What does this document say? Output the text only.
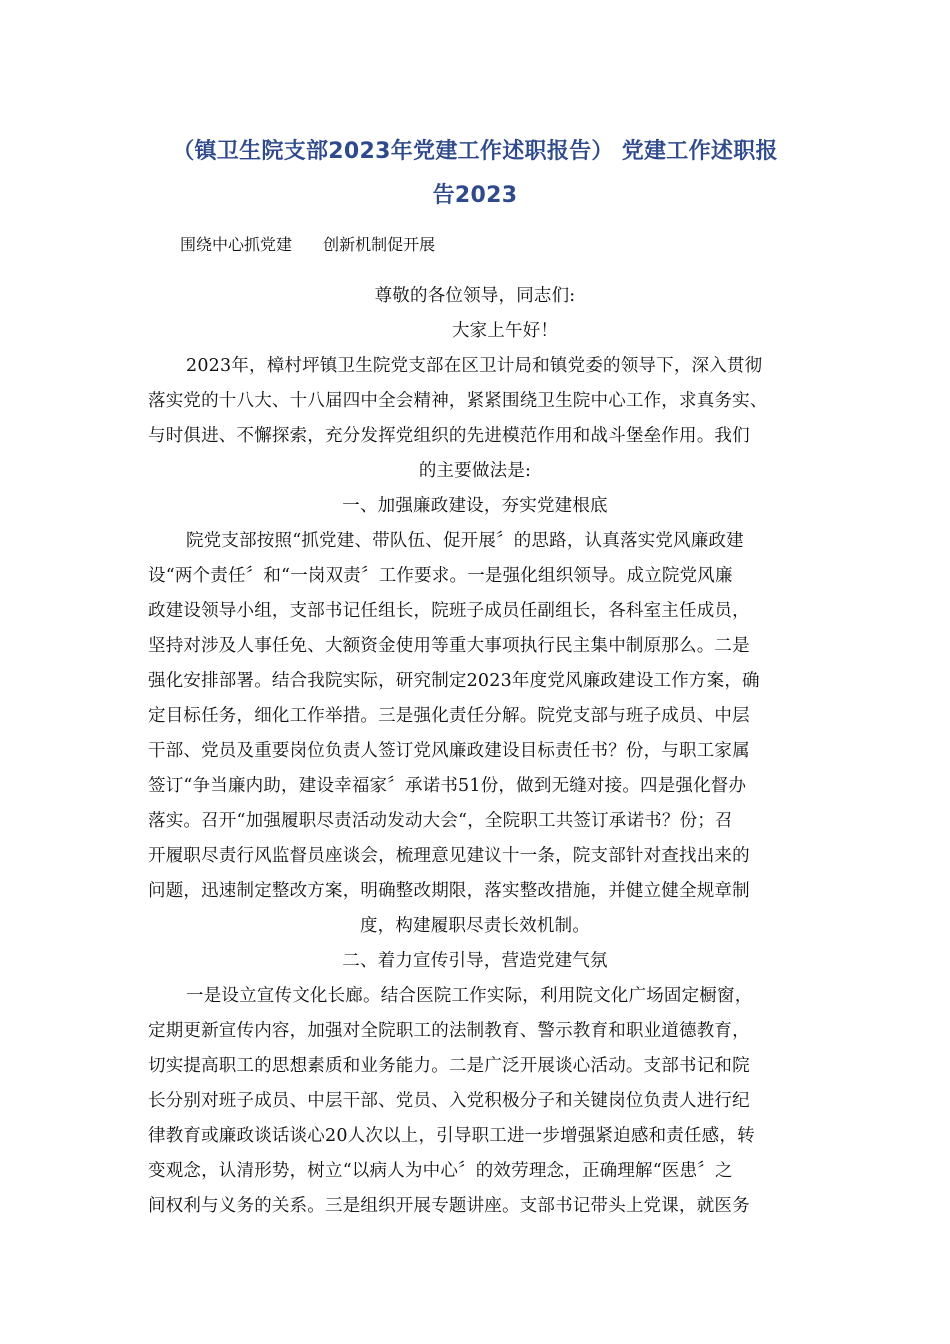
（镇卫生院支部2023年党建工作述职报告） 党建工作述职报
告2023
围绕中心抓党建 创新机制促开展
尊敬的各位领导，同志们:
大家上午好！
2023年，樟村坪镇卫生院党支部在区卫计局和镇党委的领导下，深入贯彻
落实党的十八大、十八届四中全会精神，紧紧围绕卫生院中心工作，求真务实、
与时俱进、不懈探索，充分发挥党组织的先进模范作用和战斗堡垒作用。我们
的主要做法是:
一、加强廉政建设，夯实党建根底
院党支部按照“抓党建、带队伍、促开展〞的思路，认真落实党风廉政建
设“两个责任〞和“一岗双责〞工作要求。一是强化组织领导。成立院党风廉
政建设领导小组，支部书记任组长，院班子成员任副组长，各科室主任成员，
坚持对涉及人事任免、大额资金使用等重大事项执行民主集中制原那么。二是
强化安排部署。结合我院实际，研究制定2023年度党风廉政建设工作方案，确
定目标任务，细化工作举措。三是强化责任分解。院党支部与班子成员、中层
干部、党员及重要岗位负责人签订党风廉政建设目标责任书？份，与职工家属
签订“争当廉内助，建设幸福家〞承诺书51份，做到无缝对接。四是强化督办
落实。召开“加强履职尽责活动发动大会“，全院职工共签订承诺书？份；召
开履职尽责行风监督员座谈会，梳理意见建议十一条，院支部针对查找出来的
问题，迅速制定整改方案，明确整改期限，落实整改措施，并健立健全规章制
度，构建履职尽责长效机制。
二、着力宣传引导，营造党建气氛
一是设立宣传文化长廊。结合医院工作实际，利用院文化广场固定橱窗，
定期更新宣传内容，加强对全院职工的法制教育、警示教育和职业道德教育，
切实提高职工的思想素质和业务能力。二是广泛开展谈心活动。支部书记和院
长分别对班子成员、中层干部、党员、入党积极分子和关键岗位负责人进行纪
律教育或廉政谈话谈心20人次以上，引导职工进一步增强紧迫感和责任感，转
变观念，认清形势，树立“以病人为中心〞的效劳理念，正确理解“医患〞之
间权利与义务的关系。三是组织开展专题讲座。支部书记带头上党课，就医务
